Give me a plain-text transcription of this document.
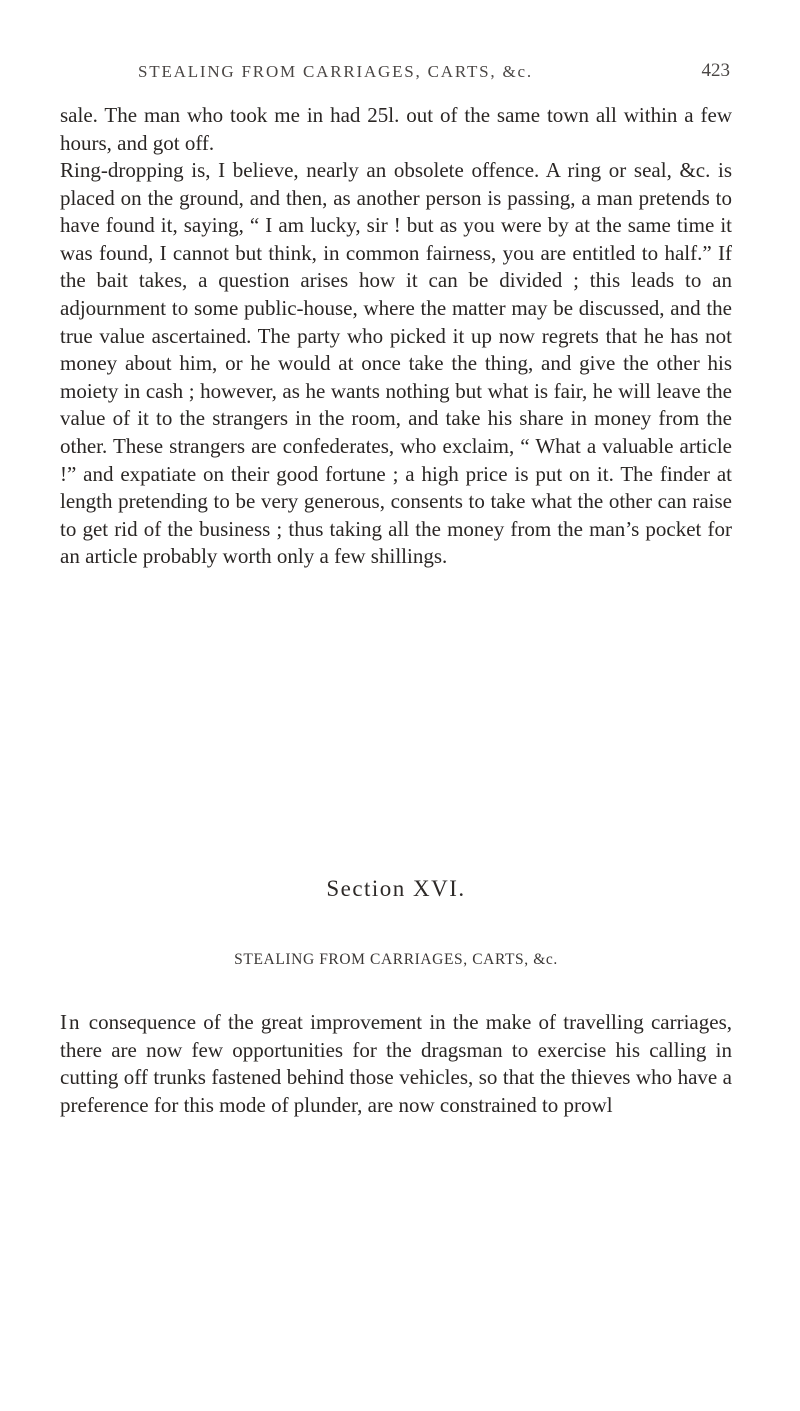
STEALING FROM CARRIAGES, CARTS, &c.	423

sale. The man who took me in had 25l. out of the same town all within a few hours, and got off.

Ring-dropping is, I believe, nearly an obsolete offence. A ring or seal, &c. is placed on the ground, and then, as another person is passing, a man pretends to have found it, saying, “ I am lucky, sir ! but as you were by at the same time it was found, I cannot but think, in common fairness, you are entitled to half.” If the bait takes, a question arises how it can be divided ; this leads to an adjournment to some public-house, where the matter may be discussed, and the true value ascertained. The party who picked it up now regrets that he has not money about him, or he would at once take the thing, and give the other his moiety in cash ; however, as he wants nothing but what is fair, he will leave the value of it to the strangers in the room, and take his share in money from the other. These strangers are confederates, who exclaim, “ What a valuable article !” and expatiate on their good fortune ; a high price is put on it. The finder at length pretending to be very generous, consents to take what the other can raise to get rid of the business ; thus taking all the money from the man’s pocket for an article probably worth only a few shillings.

Section XVI.
STEALING FROM CARRIAGES, CARTS, &c.

In consequence of the great improvement in the make of travelling carriages, there are now few opportunities for the dragsman to exercise his calling in cutting off trunks fastened behind those vehicles, so that the thieves who have a preference for this mode of plunder, are now constrained to prowl
